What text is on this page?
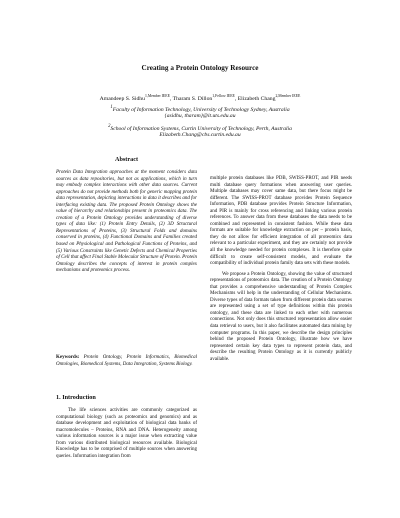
Creating a Protein Ontology Resource
Amandeep S. Sidhu$^{1,Member IEEE}$, Tharam S. Dillon$^{1,Fellow IEEE}$, Elizabeth Chang$^{2,Member IEEE}$
$^1$Faculty of Information Technology, University of Technology Sydney, Australia
{asidhu, tharam}@it.uts.edu.au
$^2$School of Information Systems, Curtin University of Technology, Perth, Australia
Elizabeth.Chang@cbs.curtin.edu.au
Abstract
Protein Data Integration approaches at the moment considers data sources as data repositories, but not as applications, which in turn may embody complex interactions with other data sources. Current approaches do not provide methods both for generic mapping protein data representation, depicting interactions in data it describes and for interfacing existing data. The proposed Protein Ontology shows the value of hierarchy and relationships present in proteomics data. The creation of a Protein Ontology provides understanding of diverse types of data like: (1) Protein Entry Details, (2) 3D Structural Representations of Proteins, (3) Structural Folds and domains conserved in proteins, (4) Functional Domains and Families created based on Physiological and Pathological Functions of Proteins, and (5) Various Constraints like Genetic Defects and Chemical Properties of Cell that affect Final Stable Molecular Structure of Protein. Protein Ontology describes the concepts of interest in protein complex mechanisms and proteomics process.
Keywords: Protein Ontology, Protein Informatics, Biomedical Ontologies, Biomedical Systems, Data Integration, Systems Biology.
1. Introduction

The life sciences activities are commonly categorized as computational biology (such as proteomics and genomics) and as database development and exploitation of biological data banks of macromolecules – Proteins, RNA and DNA. Heterogeneity among various information sources is a major issue when extracting value from various distributed biological resources available. Biological Knowledge has to be comprised of multiple sources when answering queries. Information integration from

multiple protein databases like PDB, SWISS-PROT, and PIR needs multi database query formations when answering user queries. Multiple databases may cover same data, but there focus might be different. The SWISS-PROT database provides Protein Sequence Information, PDB database provides Protein Structure Information, and PIR is mainly for cross referencing and linking various protein references. To answer data from these databases the data needs to be combined and represented in consistent fashion. While these data formats are suitable for knowledge extraction on per – protein basis, they do not allow for efficient integration of all proteomics data relevant to a particular experiment, and they are certainly not provide all the knowledge needed for protein complexes. It is therefore quite difficult to create self-consistent models, and evaluate the compatibility of individual protein family data sets with these models.

We propose a Protein Ontology, showing the value of structured representations of proteomics data. The creation of a Protein Ontology that provides a comprehensive understanding of Protein Complex Mechanisms will help in the understanding of Cellular Mechanisms. Diverse types of data formats taken from different protein data sources are represented using a set of type definitions within this protein ontology, and these data are linked to each other with numerous connections. Not only does this structured representation allow easier data retrieval to users, but it also facilitates automated data mining by computer programs. In this paper, we describe the design principles behind the proposed Protein Ontology, illustrate how we have represented certain key data types to represent protein data, and describe the resulting Protein Ontology as it is currently publicly available.
